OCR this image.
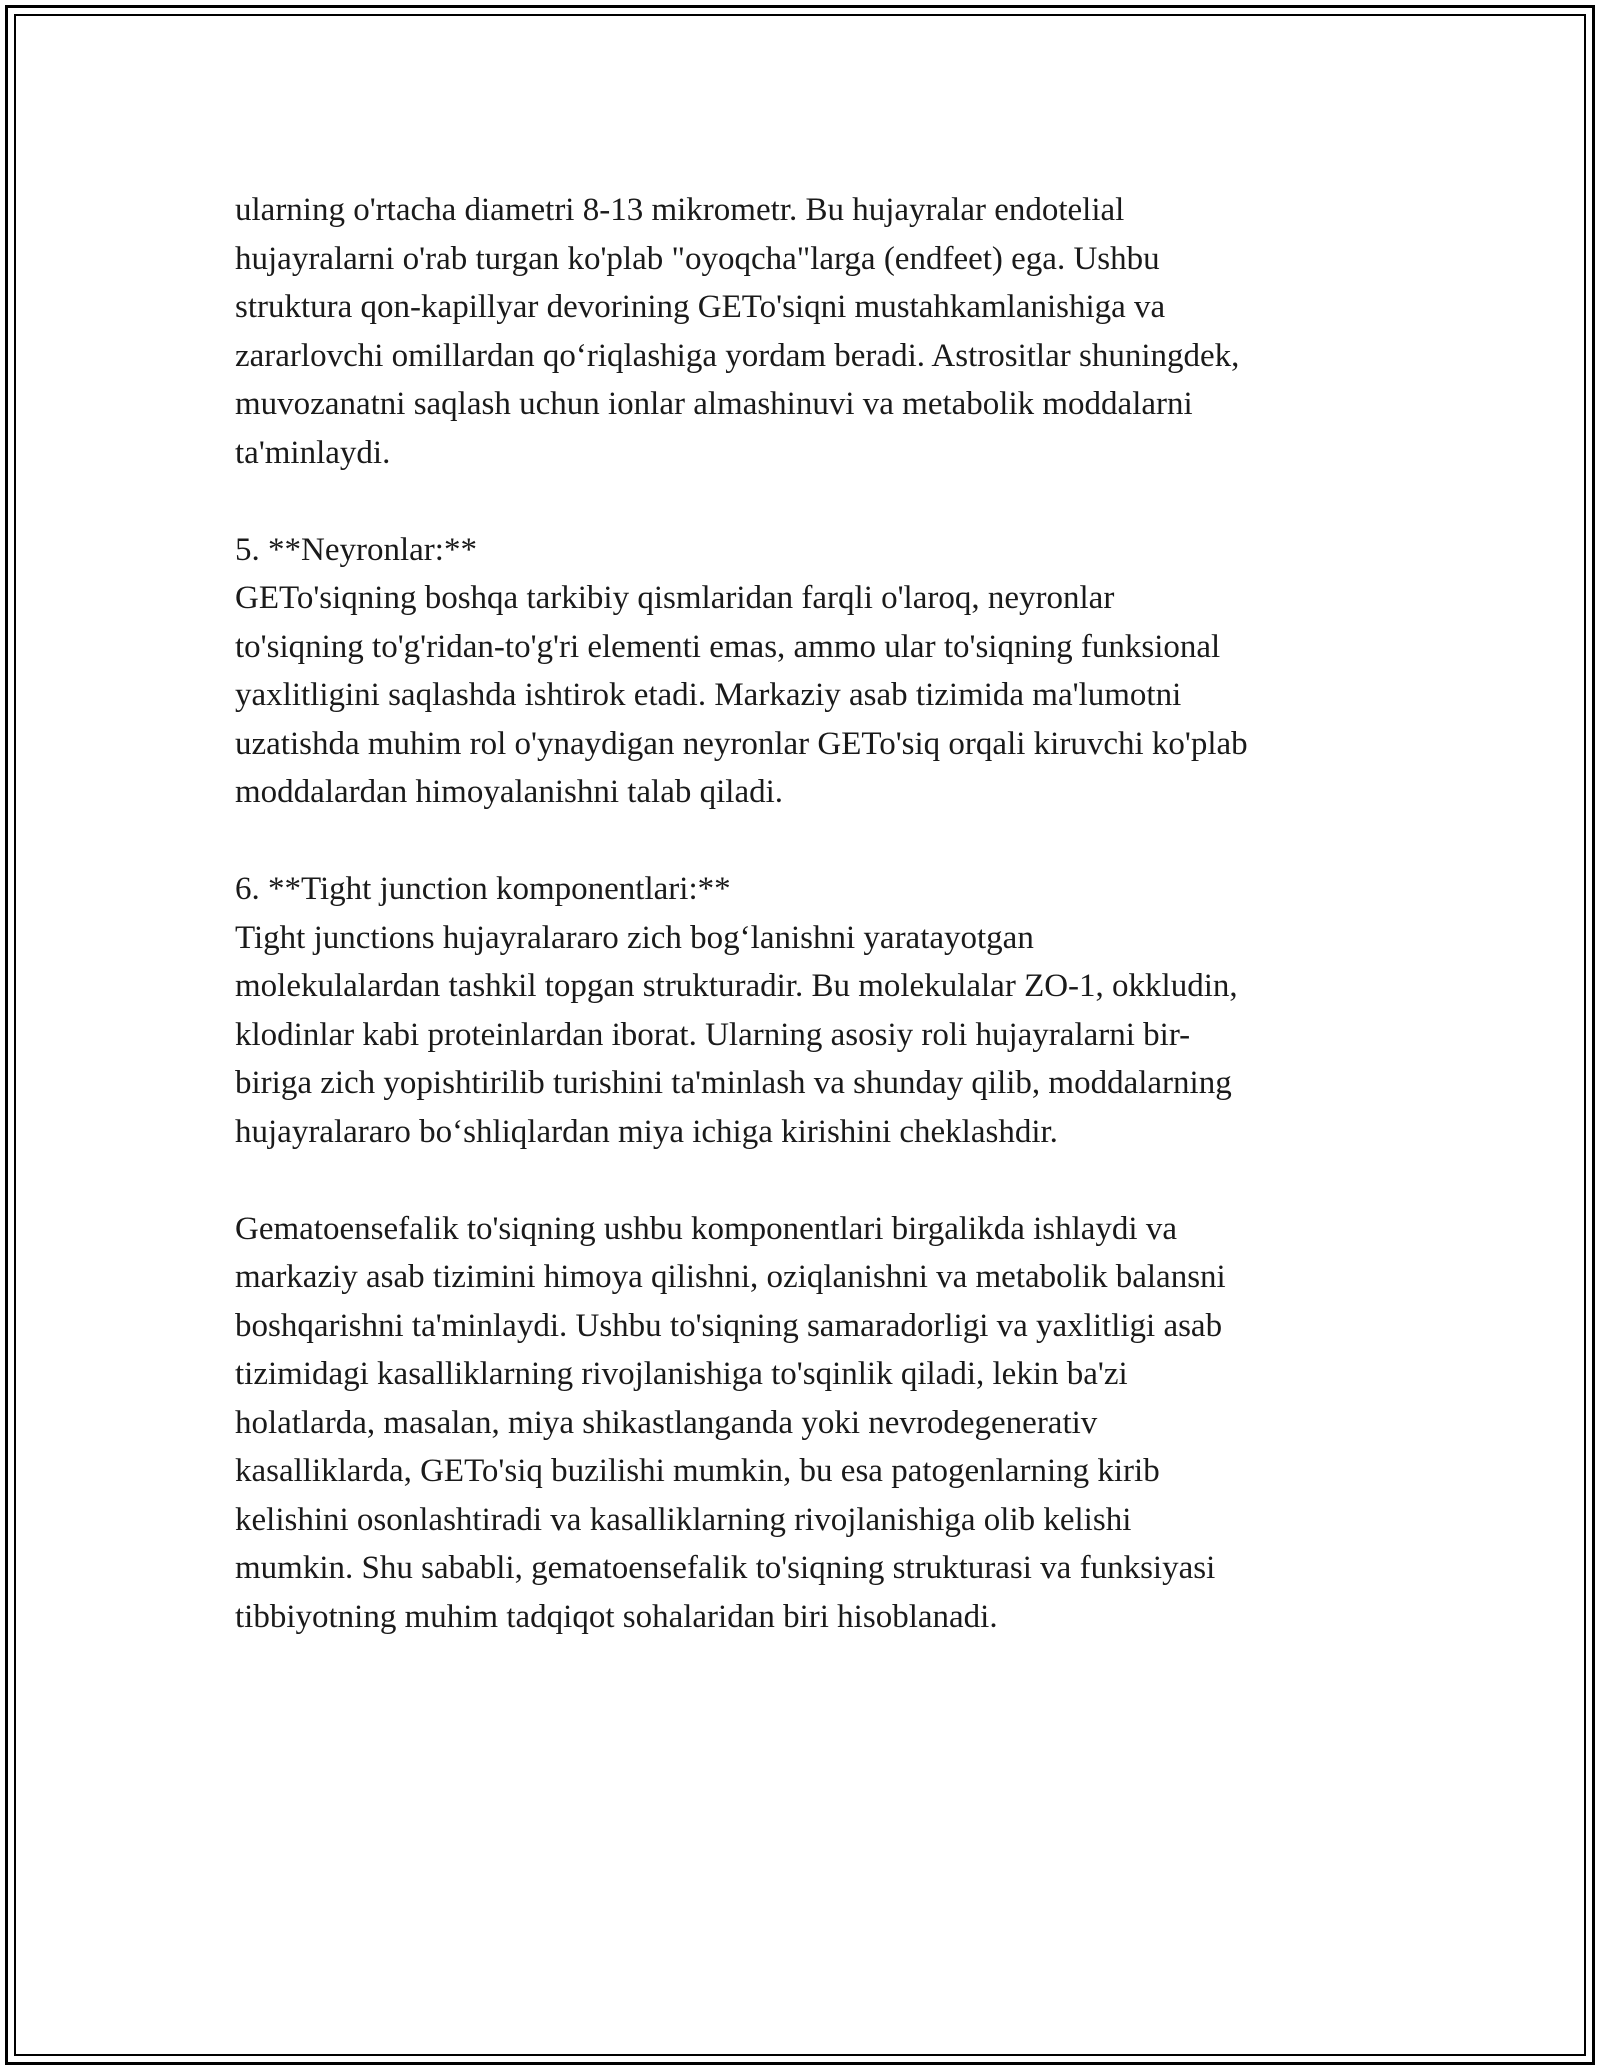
ularning o'rtacha diametri 8-13 mikrometr. Bu hujayralar endotelial
hujayralarni o'rab turgan ko'plab "oyoqcha"larga (endfeet) ega. Ushbu
struktura qon-kapillyar devorining GETo'siqni mustahkamlanishiga va
zararlovchi omillardan qo‘riqlashiga yordam beradi. Astrositlar shuningdek,
muvozanatni saqlash uchun ionlar almashinuvi va metabolik moddalarni
ta'minlaydi.

5. **Neyronlar:**
GETo'siqning boshqa tarkibiy qismlaridan farqli o'laroq, neyronlar
to'siqning to'g'ridan-to'g'ri elementi emas, ammo ular to'siqning funksional
yaxlitligini saqlashda ishtirok etadi. Markaziy asab tizimida ma'lumotni
uzatishda muhim rol o'ynaydigan neyronlar GETo'siq orqali kiruvchi ko'plab
moddalardan himoyalanishni talab qiladi.

6. **Tight junction komponentlari:**
Tight junctions hujayralararo zich bog‘lanishni yaratayotgan
molekulalardan tashkil topgan strukturadir. Bu molekulalar ZO-1, okkludin,
klodinlar kabi proteinlardan iborat. Ularning asosiy roli hujayralarni bir-
biriga zich yopishtirilib turishini ta'minlash va shunday qilib, moddalarning
hujayralararo bo‘shliqlardan miya ichiga kirishini cheklashdir.

Gematoensefalik to'siqning ushbu komponentlari birgalikda ishlaydi va
markaziy asab tizimini himoya qilishni, oziqlanishni va metabolik balansni
boshqarishni ta'minlaydi. Ushbu to'siqning samaradorligi va yaxlitligi asab
tizimidagi kasalliklarning rivojlanishiga to'sqinlik qiladi, lekin ba'zi
holatlarda, masalan, miya shikastlanganda yoki nevrodegenerativ
kasalliklarda, GETo'siq buzilishi mumkin, bu esa patogenlarning kirib
kelishini osonlashtiradi va kasalliklarning rivojlanishiga olib kelishi
mumkin. Shu sababli, gematoensefalik to'siqning strukturasi va funksiyasi
tibbiyotning muhim tadqiqot sohalaridan biri hisoblanadi.
